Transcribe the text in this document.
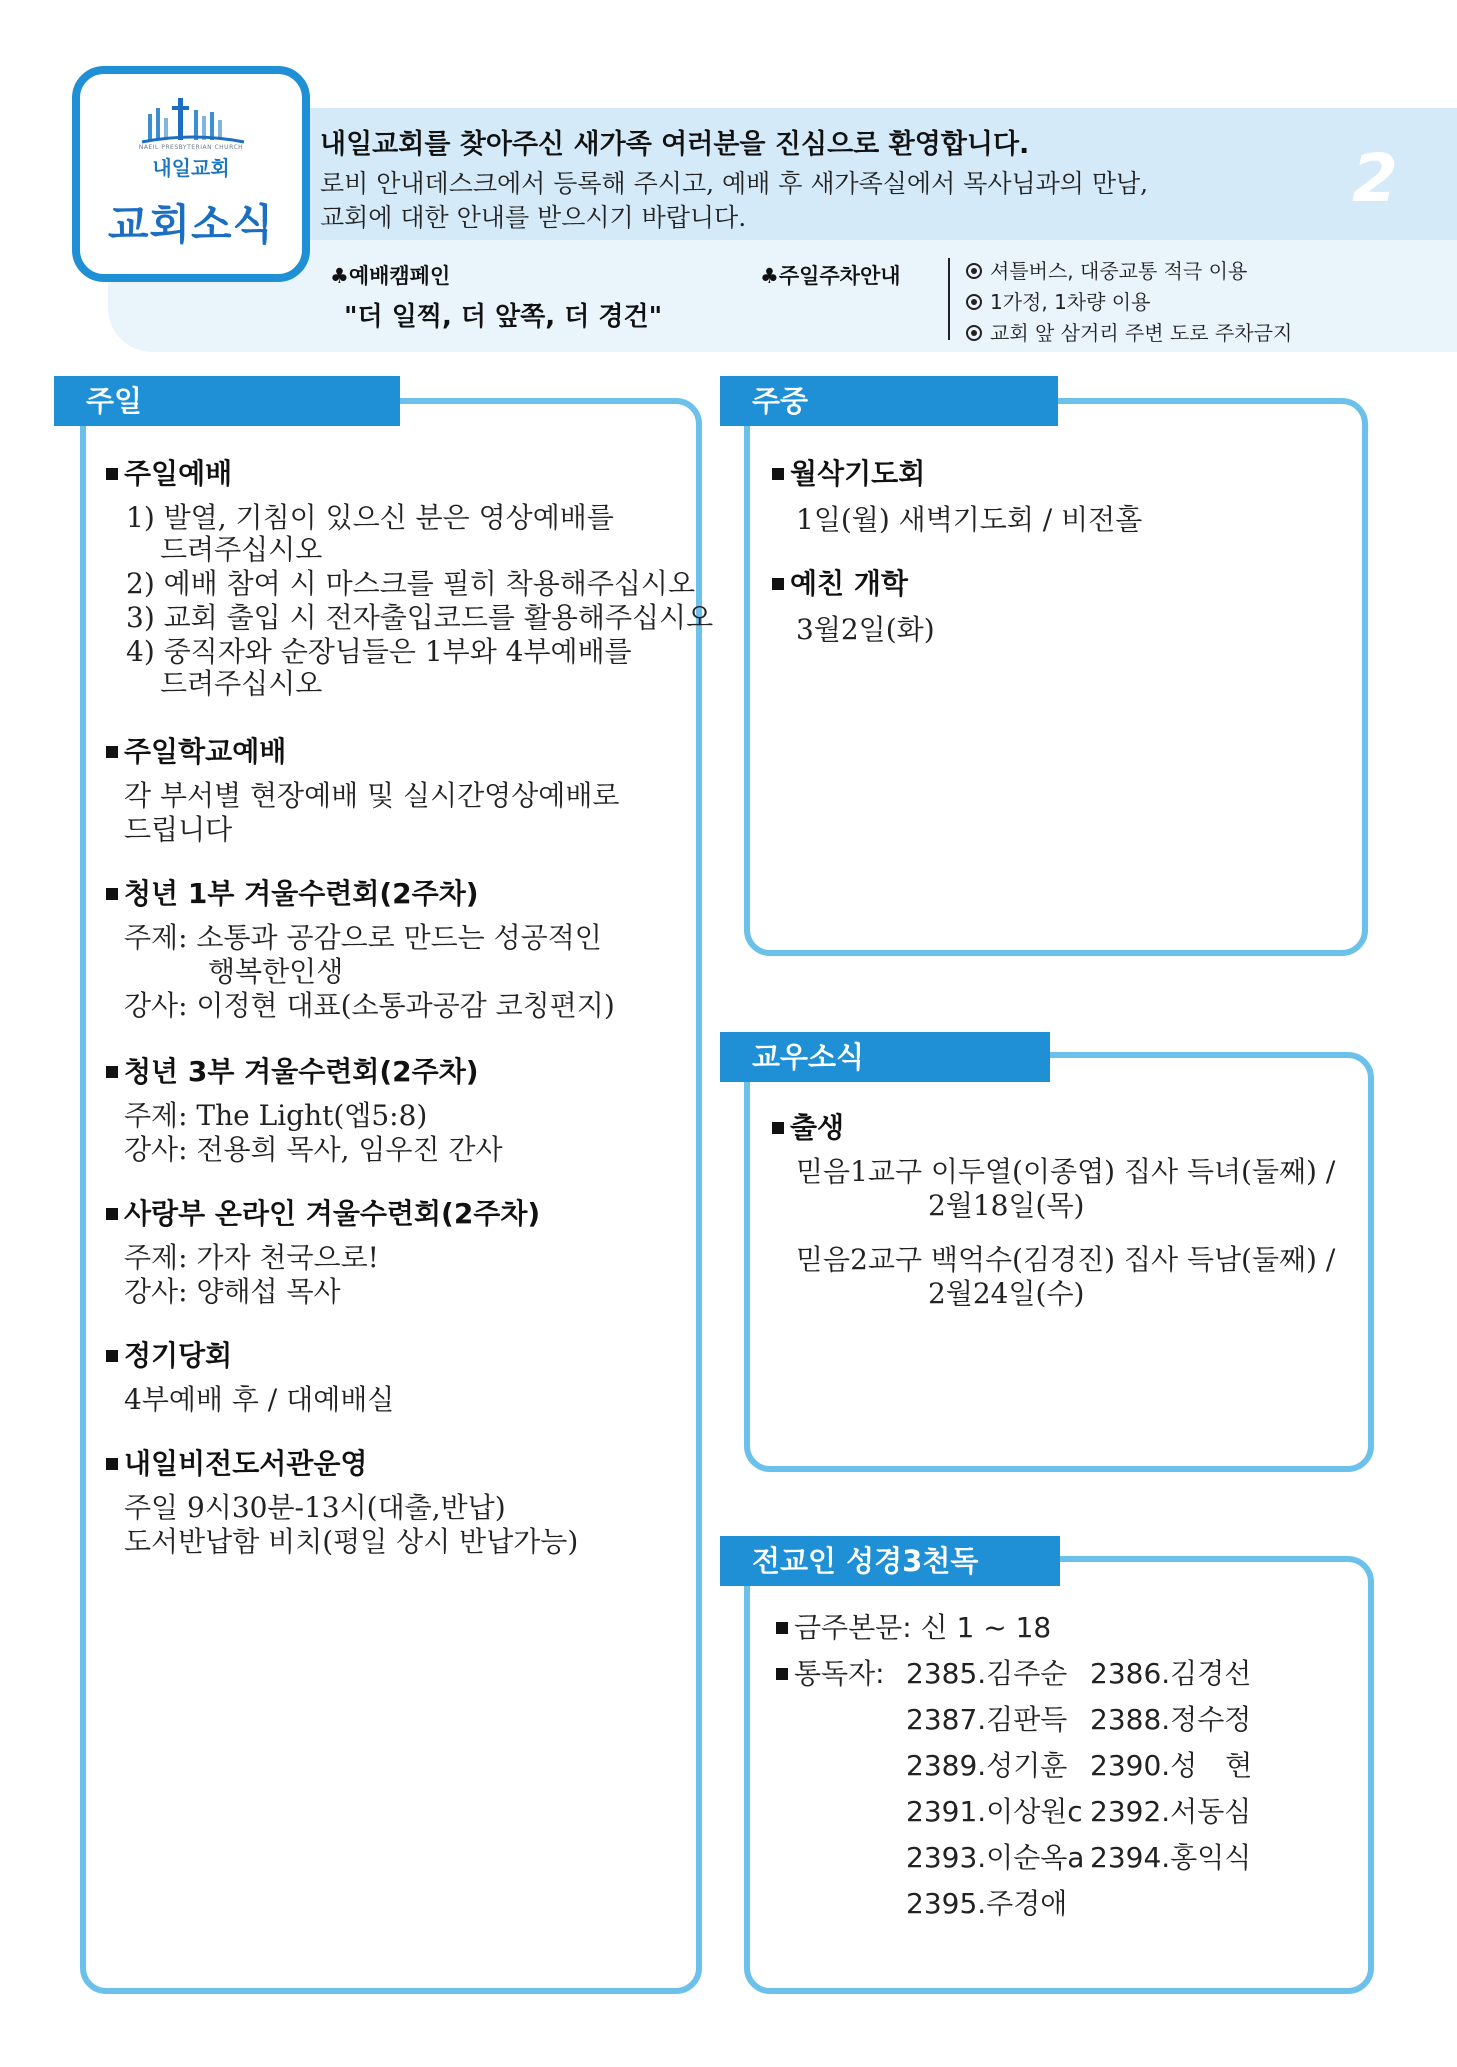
NAEIL PRESBYTERIAN CHURCH
내일교회
교회소식
내일교회를 찾아주신 새가족 여러분을 진심으로 환영합니다.
로비 안내데스크에서 등록해 주시고, 예배 후 새가족실에서 목사님과의 만남,
교회에 대한 안내를 받으시기 바랍니다.
2
♣예배캠페인
"더 일찍, 더 앞쪽, 더 경건"
♣주일주차안내	셔틀버스, 대중교통 적극 이용
1가정, 1차량 이용
교회 앞 삼거리 주변 도로 주차금지
주일
주일예배
1) 발열, 기침이 있으신 분은 영상예배를
드려주십시오
2) 예배 참여 시 마스크를 필히 착용해주십시오
3) 교회 출입 시 전자출입코드를 활용해주십시오
4) 중직자와 순장님들은 1부와 4부예배를
드려주십시오
주일학교예배
각 부서별 현장예배 및 실시간영상예배로
드립니다
청년 1부 겨울수련회(2주차)
주제: 소통과 공감으로 만드는 성공적인
행복한인생
강사: 이정현 대표(소통과공감 코칭편지)
청년 3부 겨울수련회(2주차)
주제: The Light(엡5:8)
강사: 전용희 목사, 임우진 간사
사랑부 온라인 겨울수련회(2주차)
주제: 가자 천국으로!
강사: 양해섭 목사
정기당회
4부예배 후 / 대예배실
내일비전도서관운영
주일 9시30분-13시(대출,반납)
도서반납함 비치(평일 상시 반납가능)
주중
월삭기도회
1일(월) 새벽기도회 / 비전홀
예친 개학
3월2일(화)
교우소식
출생
믿음1교구 이두열(이종엽) 집사 득녀(둘째) /
2월18일(목)
믿음2교구 백억수(김경진) 집사 득남(둘째) /
2월24일(수)
전교인 성경3천독
금주본문: 신 1 ~ 18
통독자: 2385.김주순 2386.김경선
2387.김판득 2388.정수정
2389.성기훈 2390.성　현
2391.이상원c 2392.서동심
2393.이순옥a 2394.홍익식
2395.주경애
